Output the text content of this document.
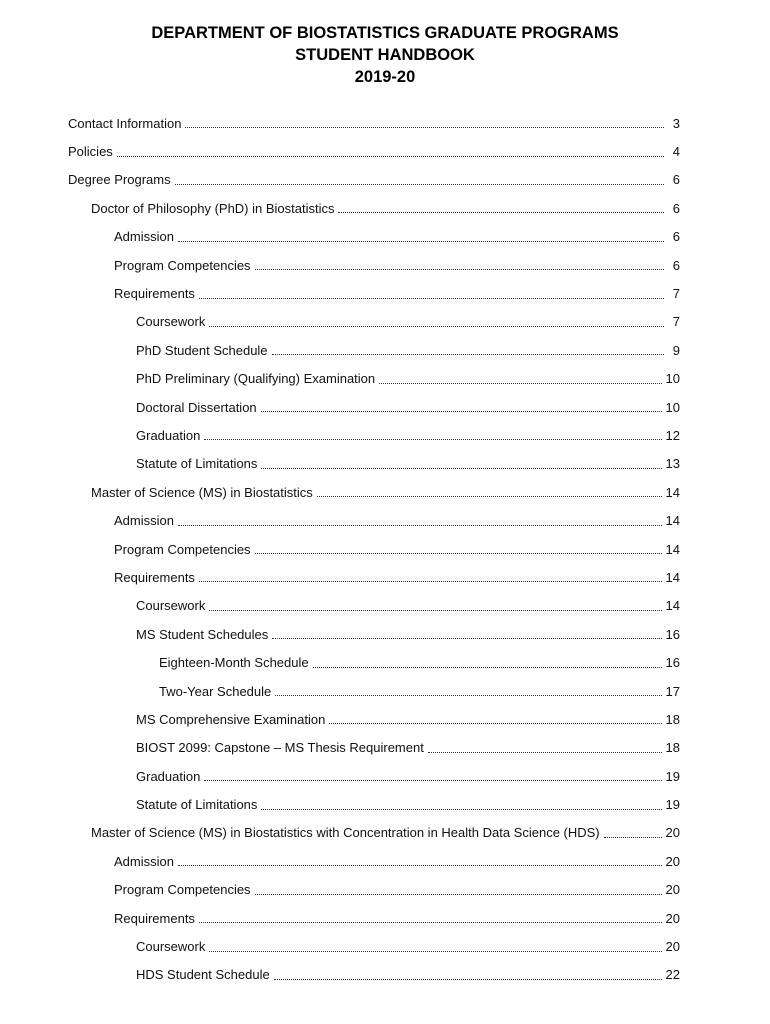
DEPARTMENT OF BIOSTATISTICS GRADUATE PROGRAMS
STUDENT HANDBOOK
2019-20
Contact Information	3
Policies	4
Degree Programs	6
Doctor of Philosophy (PhD) in Biostatistics	6
Admission	6
Program Competencies	6
Requirements	7
Coursework	7
PhD Student Schedule	9
PhD Preliminary (Qualifying) Examination	10
Doctoral Dissertation	10
Graduation	12
Statute of Limitations	13
Master of Science (MS) in Biostatistics	14
Admission	14
Program Competencies	14
Requirements	14
Coursework	14
MS Student Schedules	16
Eighteen-Month Schedule	16
Two-Year Schedule	17
MS Comprehensive Examination	18
BIOST 2099: Capstone – MS Thesis Requirement	18
Graduation	19
Statute of Limitations	19
Master of Science (MS) in Biostatistics with Concentration in Health Data Science (HDS)	20
Admission	20
Program Competencies	20
Requirements	20
Coursework	20
HDS Student Schedule	22
